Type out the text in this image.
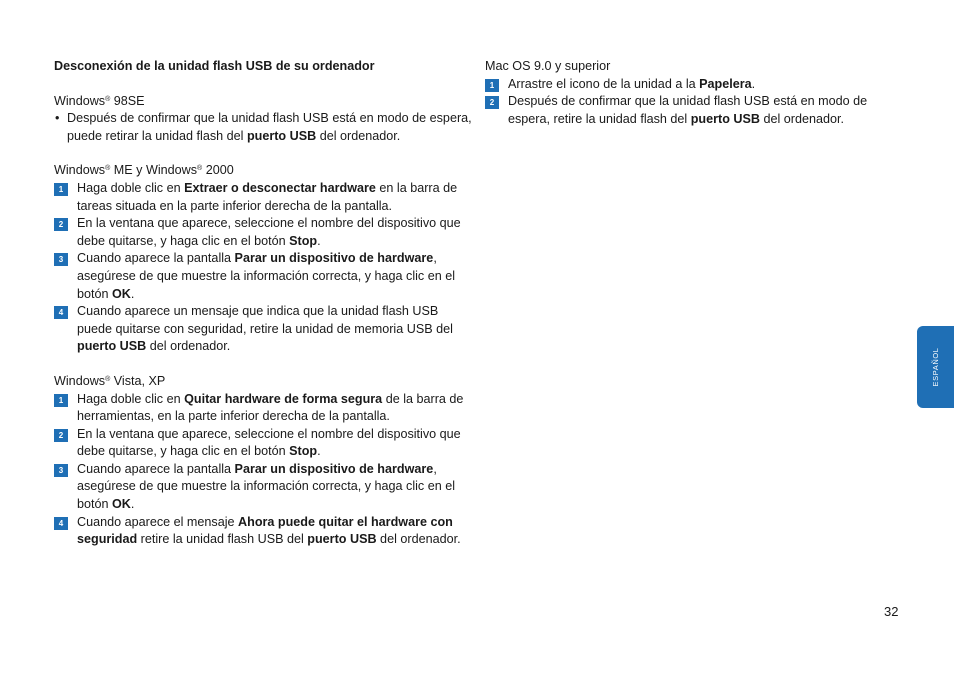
Desconexión de la unidad flash USB de su ordenador

Windows® 98SE

• Después de confirmar que la unidad flash USB está en modo de espera, puede retirar la unidad flash del puerto USB del ordenador.

Windows® ME y Windows® 2000

1	Haga doble clic en Extraer o desconectar hardware en la barra de tareas situada en la parte inferior derecha de la pantalla.
2	En la ventana que aparece, seleccione el nombre del dispositivo que debe quitarse, y haga clic en el botón Stop.
3	Cuando aparece la pantalla Parar un dispositivo de hardware, asegúrese de que muestre la información correcta, y haga clic en el botón OK.
4	Cuando aparece un mensaje que indica que la unidad flash USB puede quitarse con seguridad, retire la unidad de memoria USB del puerto USB del ordenador.

Windows® Vista, XP

1	Haga doble clic en Quitar hardware de forma segura de la barra de herramientas, en la parte inferior derecha de la pantalla.
2	En la ventana que aparece, seleccione el nombre del dispositivo que debe quitarse, y haga clic en el botón Stop.
3	Cuando aparece la pantalla Parar un dispositivo de hardware, asegúrese de que muestre la información correcta, y haga clic en el botón OK.
4	Cuando aparece el mensaje Ahora puede quitar el hardware con seguridad retire la unidad flash USB del puerto USB del ordenador.

Mac OS 9.0 y superior

1	Arrastre el icono de la unidad a la Papelera.
2	Después de confirmar que la unidad flash USB está en modo de espera, retire la unidad flash del puerto USB del ordenador.
ESPAÑOL
32
